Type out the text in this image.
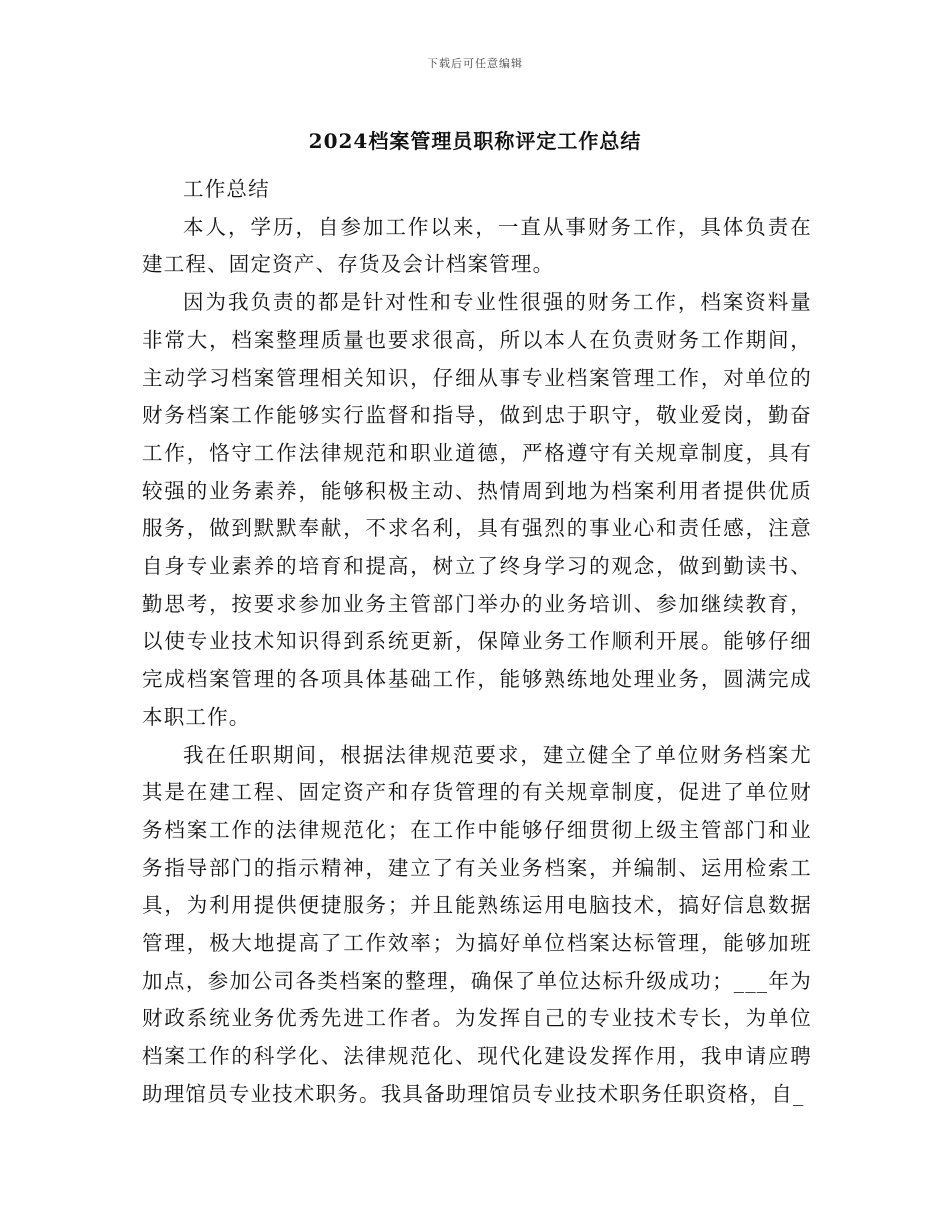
下载后可任意编辑
2024档案管理员职称评定工作总结

工作总结

本人，学历，自参加工作以来，一直从事财务工作，具体负责在建工程、固定资产、存货及会计档案管理。

因为我负责的都是针对性和专业性很强的财务工作，档案资料量非常大，档案整理质量也要求很高，所以本人在负责财务工作期间，主动学习档案管理相关知识，仔细从事专业档案管理工作，对单位的财务档案工作能够实行监督和指导，做到忠于职守，敬业爱岗，勤奋工作，恪守工作法律规范和职业道德，严格遵守有关规章制度，具有较强的业务素养，能够积极主动、热情周到地为档案利用者提供优质服务，做到默默奉献，不求名利，具有强烈的事业心和责任感，注意自身专业素养的培育和提高，树立了终身学习的观念，做到勤读书、勤思考，按要求参加业务主管部门举办的业务培训、参加继续教育，以使专业技术知识得到系统更新，保障业务工作顺利开展。能够仔细完成档案管理的各项具体基础工作，能够熟练地处理业务，圆满完成本职工作。

我在任职期间，根据法律规范要求，建立健全了单位财务档案尤其是在建工程、固定资产和存货管理的有关规章制度，促进了单位财务档案工作的法律规范化；在工作中能够仔细贯彻上级主管部门和业务指导部门的指示精神，建立了有关业务档案，并编制、运用检索工具，为利用提供便捷服务；并且能熟练运用电脑技术，搞好信息数据管理，极大地提高了工作效率；为搞好单位档案达标管理，能够加班加点，参加公司各类档案的整理，确保了单位达标升级成功；___年为财政系统业务优秀先进工作者。为发挥自己的专业技术专长，为单位档案工作的科学化、法律规范化、现代化建设发挥作用，我申请应聘助理馆员专业技术职务。我具备助理馆员专业技术职务任职资格，自_
